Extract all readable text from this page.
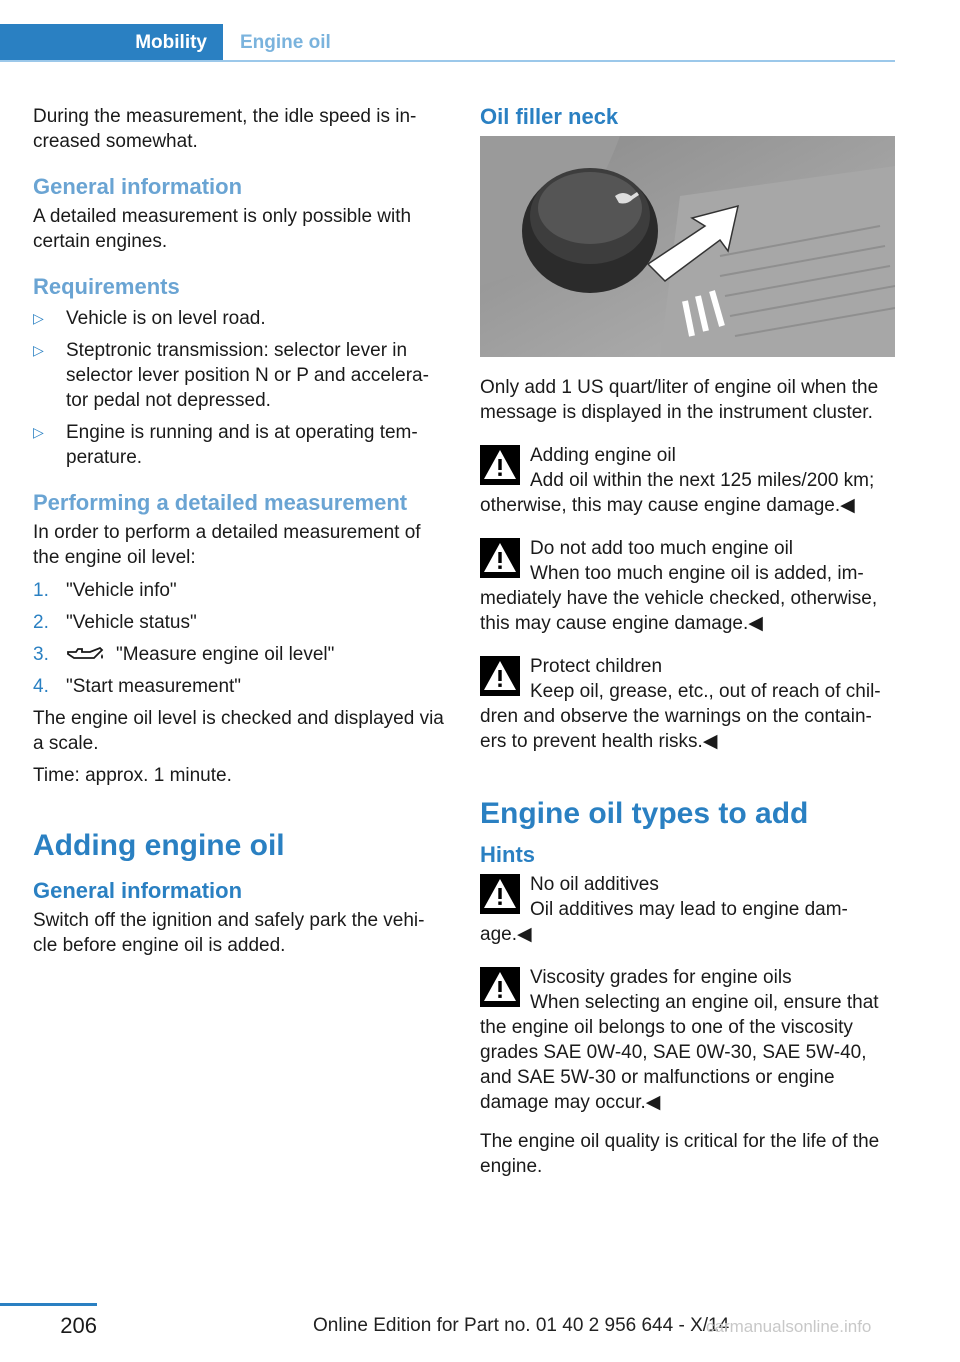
Mobility	Engine oil

During the measurement, the idle speed is in- creased somewhat.

General information

A detailed measurement is only possible with certain engines.

Requirements
▷ Vehicle is on level road.
▷ Steptronic transmission: selector lever in selector lever position N or P and accelera- tor pedal not depressed.
▷ Engine is running and is at operating tem- perature.
Performing a detailed measurement

In order to perform a detailed measurement of the engine oil level:

1. "Vehicle info"
2. "Vehicle status"
3.	"Measure engine oil level"
4. "Start measurement"

The engine oil level is checked and displayed via a scale.

Time: approx. 1 minute.

Adding engine oil
General information

Switch off the ignition and safely park the vehi- cle before engine oil is added.

Oil filler neck

Only add 1 US quart/liter of engine oil when the message is displayed in the instrument cluster.

Adding engine oil
Add oil within the next 125 miles/200 km; otherwise, this may cause engine damage.◀
Do not add too much engine oil
When too much engine oil is added, im- mediately have the vehicle checked, otherwise, this may cause engine damage.◀
Protect children
Keep oil, grease, etc., out of reach of chil- dren and observe the warnings on the contain- ers to prevent health risks.◀
Engine oil types to add
Hints
No oil additives
Oil additives may lead to engine dam- age.◀
Viscosity grades for engine oils
When selecting an engine oil, ensure that the engine oil belongs to one of the viscosity grades SAE 0W-40, SAE 0W-30, SAE 5W-40, and SAE 5W-30 or malfunctions or engine damage may occur.◀

The engine oil quality is critical for the life of the engine.

206	Online Edition for Part no. 01 40 2 956 644 - X/14
carmanualsonline.info
